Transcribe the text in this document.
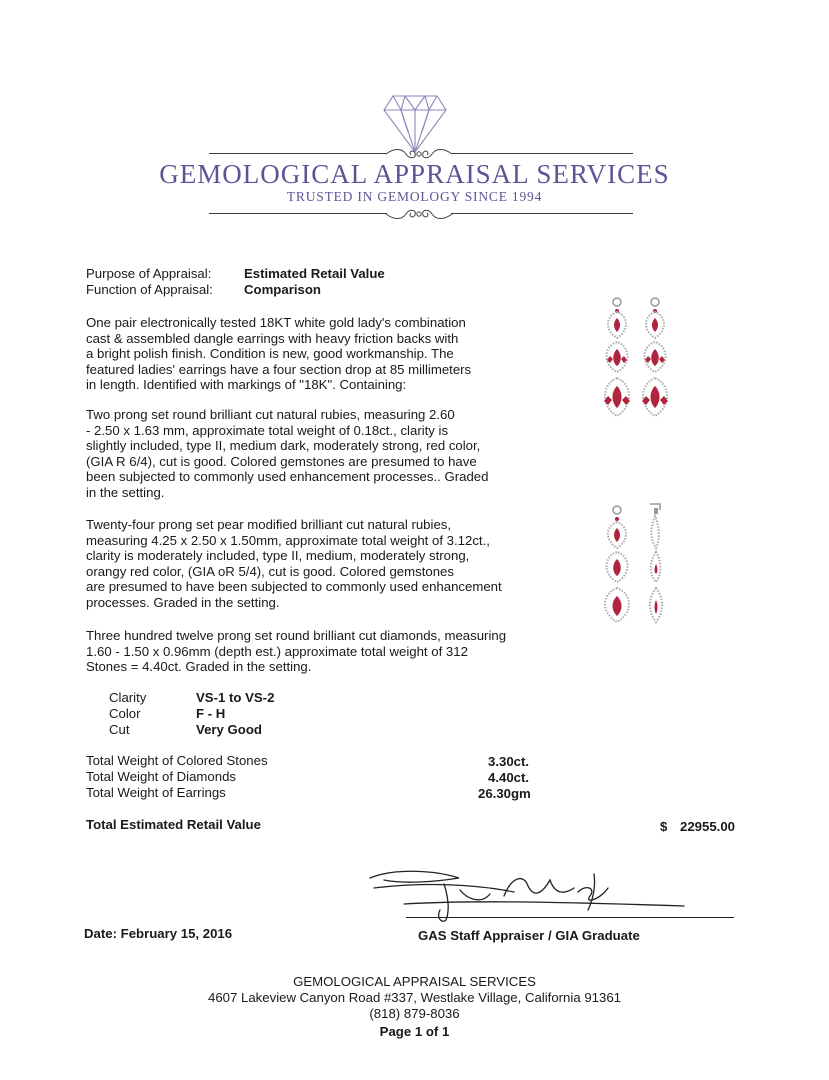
GEMOLOGICAL APPRAISAL SERVICES
TRUSTED IN GEMOLOGY SINCE 1994
Purpose of Appraisal: Estimated Retail Value
Function of Appraisal: Comparison
One pair electronically tested 18KT white gold lady's combination
cast & assembled dangle earrings with heavy friction backs with
a bright polish finish. Condition is new, good workmanship. The
featured ladies' earrings have a four section drop at 85 millimeters
in length. Identified with markings of "18K". Containing:
Two prong set round brilliant cut natural rubies, measuring 2.60
- 2.50 x 1.63 mm, approximate total weight of 0.18ct., clarity is
slightly included, type II, medium dark, moderately strong, red color,
(GIA R 6/4), cut is good. Colored gemstones are presumed to have
been subjected to commonly used enhancement processes.. Graded
in the setting.
Twenty-four prong set pear modified brilliant cut natural rubies,
measuring 4.25 x 2.50 x 1.50mm, approximate total weight of 3.12ct.,
clarity is moderately included, type II, medium, moderately strong,
orangy red color, (GIA oR 5/4), cut is good. Colored gemstones
are presumed to have been subjected to commonly used enhancement
processes. Graded in the setting.
Three hundred twelve prong set round brilliant cut diamonds, measuring
1.60 - 1.50 x 0.96mm (depth est.) approximate total weight of 312
Stones = 4.40ct. Graded in the setting.
Clarity	VS-1 to VS-2
Color	F - H
Cut	Very Good
Total Weight of Colored Stones	3.30ct.
Total Weight of Diamonds	4.40ct.
Total Weight of Earrings	26.30gm
Total Estimated Retail Value	$ 22955.00
Date: February 15, 2016	GAS Staff Appraiser / GIA Graduate
GEMOLOGICAL APPRAISAL SERVICES
4607 Lakeview Canyon Road #337, Westlake Village, California 91361
(818) 879-8036
Page 1 of 1
